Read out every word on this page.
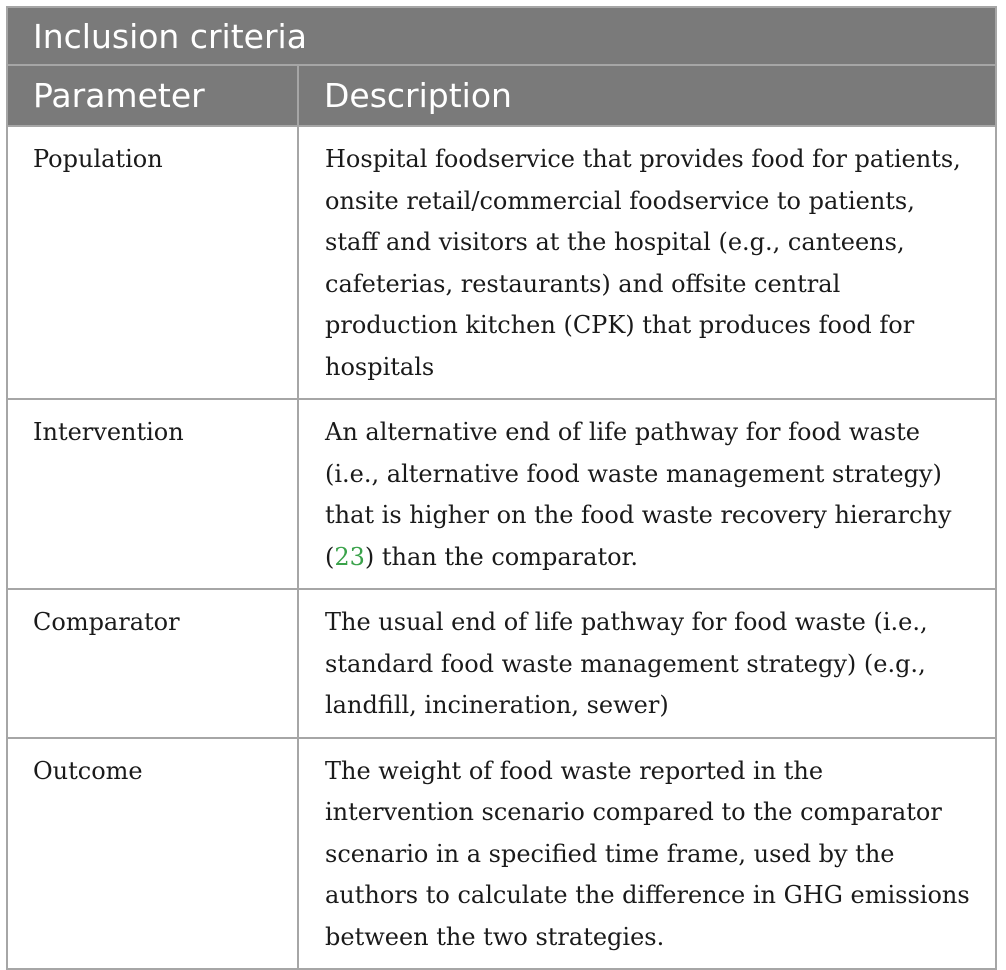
Inclusion criteria
Parameter	Description
Population	Hospital foodservice that provides food for patients, onsite retail/commercial foodservice to patients, staff and visitors at the hospital (e.g., canteens, cafeterias, restaurants) and offsite central production kitchen (CPK) that produces food for hospitals
Intervention	An alternative end of life pathway for food waste (i.e., alternative food waste management strategy) that is higher on the food waste recovery hierarchy (23) than the comparator.
Comparator	The usual end of life pathway for food waste (i.e., standard food waste management strategy) (e.g., landfill, incineration, sewer)
Outcome	The weight of food waste reported in the intervention scenario compared to the comparator scenario in a specified time frame, used by the authors to calculate the difference in GHG emissions between the two strategies.
